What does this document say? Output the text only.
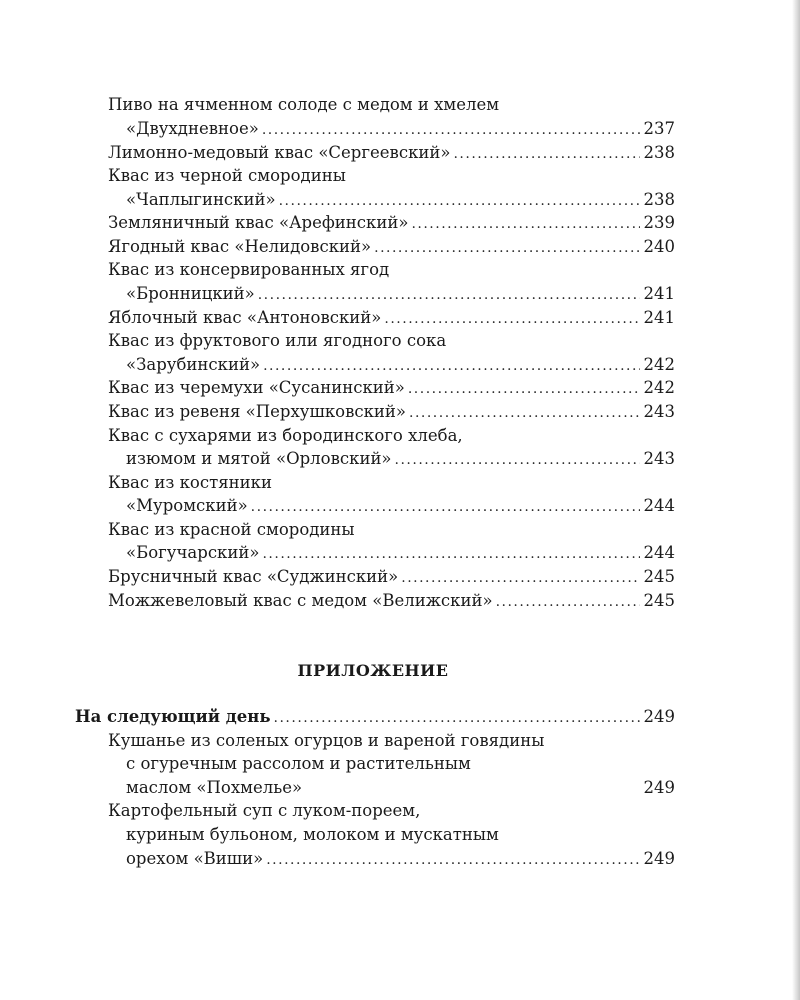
Пиво на ячменном солоде с медом и хмелем
«Двухдневное» .....	237
Лимонно-медовый квас «Сергеевский» .....	238
Квас из черной смородины
«Чаплыгинский» .....	238
Земляничный квас «Арефинский» .....	239
Ягодный квас «Нелидовский» .....	240
Квас из консервированных ягод
«Бронницкий» .....	241
Яблочный квас «Антоновский» .....	241
Квас из фруктового или ягодного сока
«Зарубинский» .....	242
Квас из черемухи «Сусанинский» .....	242
Квас из ревеня «Перхушковский» .....	243
Квас с сухарями из бородинского хлеба,
изюмом и мятой «Орловский» .....	243
Квас из костяники
«Муромский» .....	244
Квас из красной смородины
«Богучарский» .....	244
Брусничный квас «Суджинский» .....	245
Можжевеловый квас с медом «Велижский» .....	245
ПРИЛОЖЕНИЕ
На следующий день .....	249
Кушанье из соленых огурцов и вареной говядины
с огуречным рассолом и растительным
маслом «Похмелье»	249
Картофельный суп с луком-пореем,
куриным бульоном, молоком и мускатным
орехом «Виши» .....	249
